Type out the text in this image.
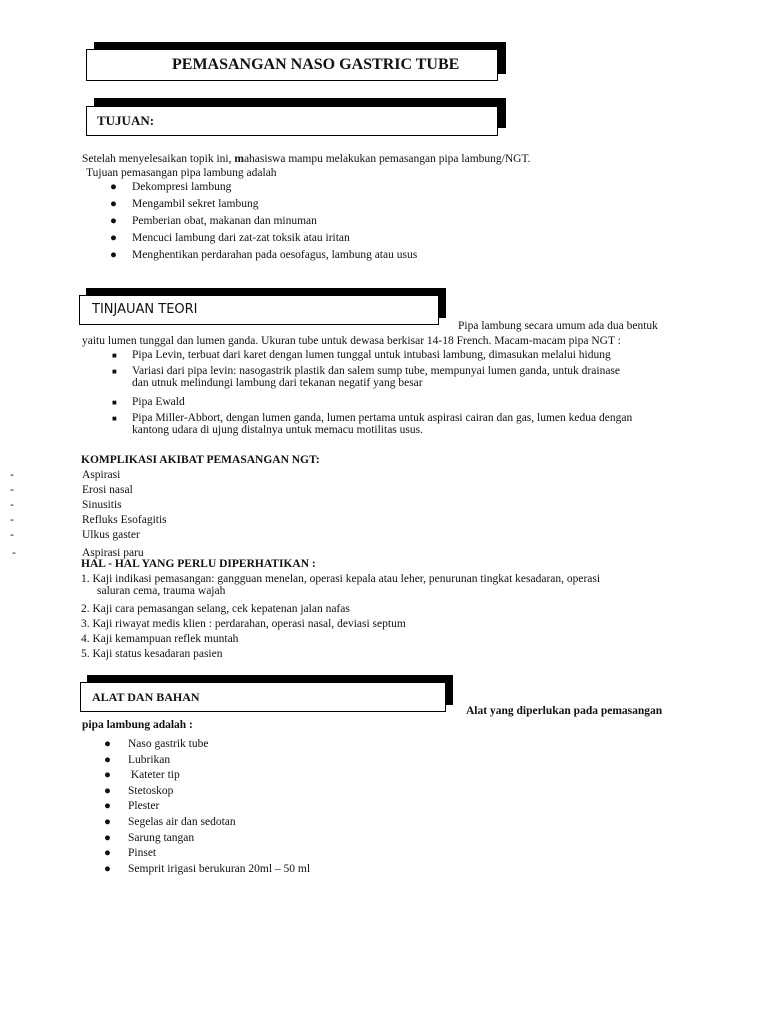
PEMASANGAN NASO GASTRIC TUBE
TUJUAN:
Setelah menyelesaikan topik ini, mahasiswa mampu melakukan pemasangan pipa lambung/NGT.
Tujuan pemasangan pipa lambung adalah
● Dekompresi lambung
● Mengambil sekret lambung
● Pemberian obat, makanan dan minuman
● Mencuci lambung dari zat-zat toksik atau iritan
● Menghentikan perdarahan pada oesofagus, lambung atau usus
TINJAUAN TEORI
Pipa lambung secara umum ada dua bentuk
yaitu lumen tunggal dan lumen ganda. Ukuran tube untuk dewasa berkisar 14-18 French. Macam-macam pipa NGT :
■ Pipa Levin, terbuat dari karet dengan lumen tunggal untuk intubasi lambung, dimasukan melalui hidung
■ Variasi dari pipa levin: nasogastrik plastik dan salem sump tube, mempunyai lumen ganda, untuk drainase
dan utnuk melindungi lambung dari tekanan negatif yang besar
■ Pipa Ewald
■ Pipa Miller-Abbort, dengan lumen ganda, lumen pertama untuk aspirasi cairan dan gas, lumen kedua dengan
kantong udara di ujung distalnya untuk memacu motilitas usus.
KOMPLIKASI AKIBAT PEMASANGAN NGT:
-	Aspirasi
-	Erosi nasal
-	Sinusitis
-	Refluks Esofagitis
-	Ulkus gaster
-	Aspirasi paru
HAL - HAL YANG PERLU DIPERHATIKAN :
1. Kaji indikasi pemasangan: gangguan menelan, operasi kepala atau leher, penurunan tingkat kesadaran, operasi
saluran cema, trauma wajah
2. Kaji cara pemasangan selang, cek kepatenan jalan nafas
3. Kaji riwayat medis klien : perdarahan, operasi nasal, deviasi septum
4. Kaji kemampuan reflek muntah
5. Kaji status kesadaran pasien
ALAT DAN BAHAN
Alat yang diperlukan pada pemasangan
pipa lambung adalah :
● Naso gastrik tube
● Lubrikan
● Kateter tip
● Stetoskop
● Plester
● Segelas air dan sedotan
● Sarung tangan
● Pinset
● Semprit irigasi berukuran 20ml – 50 ml
